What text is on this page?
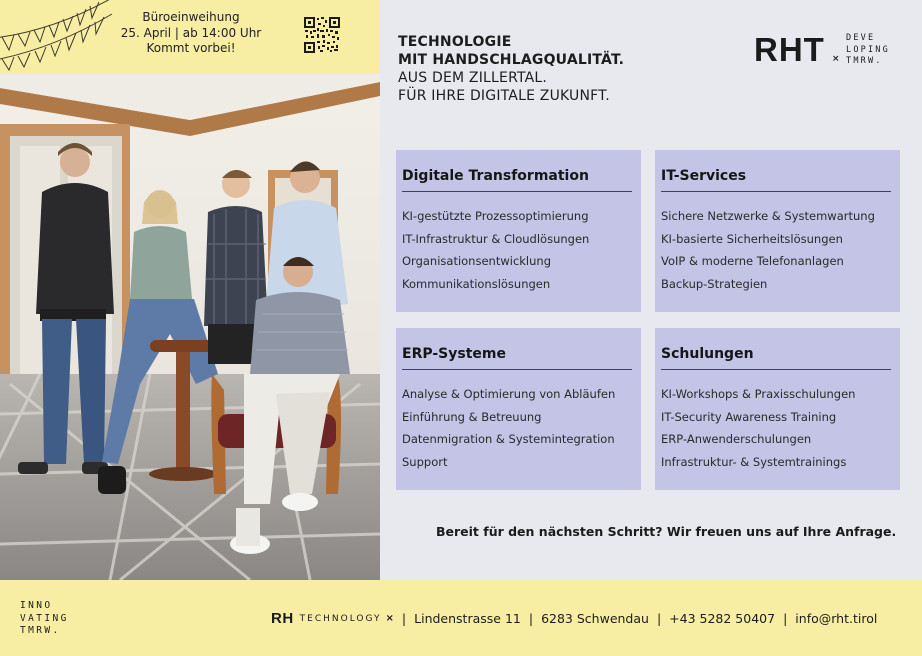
Büroeinweihung
25. April | ab 14:00 Uhr
Kommt vorbei!	TECHNOLOGIE
MIT HANDSCHLAGQUALITÄT.
AUS DEM ZILLERTAL.
FÜR IHRE DIGITALE ZUKUNFT.
RHT ×
DEVE
LOPING
TMRW.
Digitale Transformation
KI-gestützte Prozessoptimierung
IT-Infrastruktur & Cloudlösungen
Organisationsentwicklung
Kommunikationslösungen
IT-Services
Sichere Netzwerke & Systemwartung
KI-basierte Sicherheitslösungen
VoIP & moderne Telefonanlagen
Backup-Strategien
ERP-Systeme
Analyse & Optimierung von Abläufen
Einführung & Betreuung
Datenmigration & Systemintegration
Support
Schulungen
KI-Workshops & Praxisschulungen
IT-Security Awareness Training
ERP-Anwenderschulungen
Infrastruktur- & Systemtrainings
Bereit für den nächsten Schritt? Wir freuen uns auf Ihre Anfrage.
INNO
VATING
TMRW.
RH TECHNOLOGY × | Lindenstrasse 11 | 6283 Schwendau | +43 5282 50407 | info@rht.tirol
